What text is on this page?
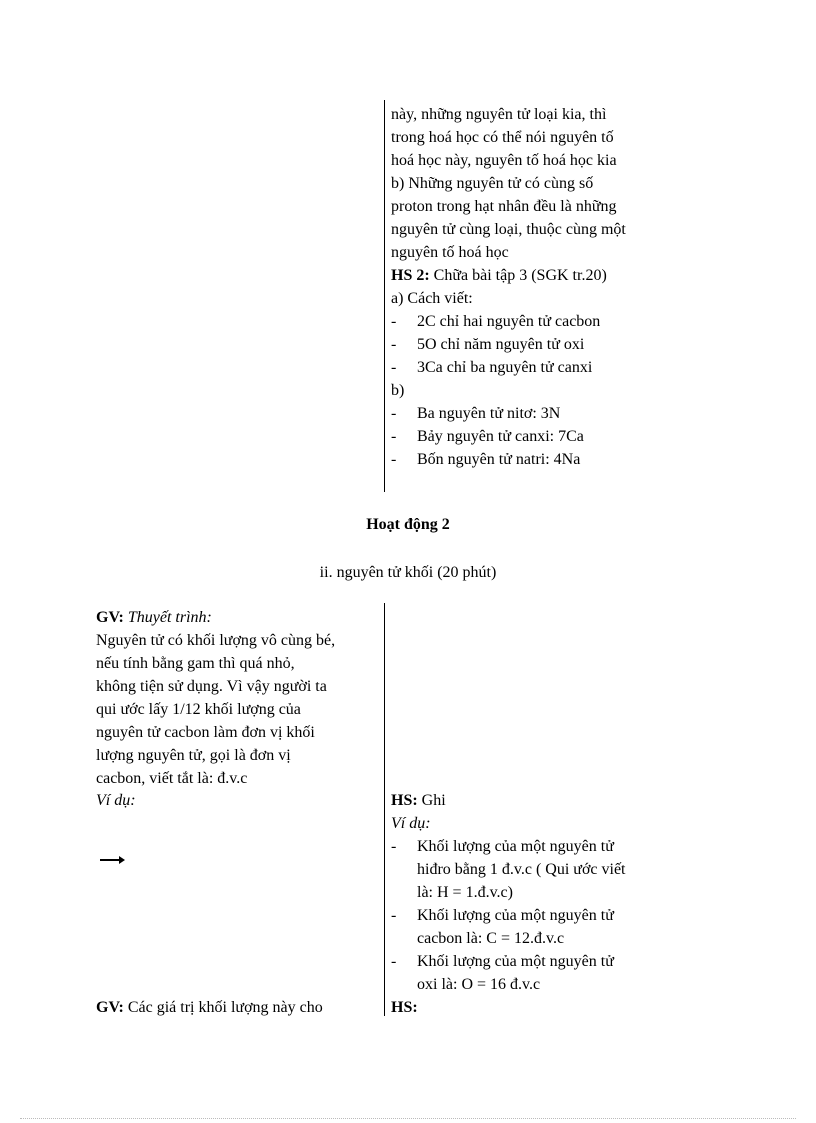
này, những nguyên tử loại kia, thì
trong hoá học có thể nói nguyên tố
hoá học này, nguyên tố hoá học kia
b) Những nguyên tử có cùng số
proton trong hạt nhân đều là những
nguyên tử cùng loại, thuộc cùng một
nguyên tố hoá học
HS 2: Chữa bài tập 3 (SGK tr.20)
a) Cách viết:
- 2C chỉ hai nguyên tử cacbon
- 5O chỉ năm nguyên tử oxi
- 3Ca chỉ ba nguyên tử canxi
b)
- Ba nguyên tử nitơ: 3N
- Bảy nguyên tử canxi: 7Ca
- Bốn nguyên tử natri: 4Na
Hoạt động 2
ii. nguyên tử khối (20 phút)
GV: Thuyết trình:
Nguyên tử có khối lượng vô cùng bé,
nếu tính bằng gam thì quá nhỏ,
không tiện sử dụng. Vì vậy người ta
qui ước lấy 1/12 khối lượng của
nguyên tử cacbon làm đơn vị khối
lượng nguyên tử, gọi là đơn vị
cacbon, viết tắt là: đ.v.c
Ví dụ:
GV: Các giá trị khối lượng này cho
HS: Ghi
Ví dụ:
- Khối lượng của một nguyên tử
hiđro bằng 1 đ.v.c ( Qui ước viết
là: H = 1.đ.v.c)
- Khối lượng của một nguyên tử
cacbon là: C = 12.đ.v.c
- Khối lượng của một nguyên tử
oxi là: O = 16 đ.v.c
HS:
